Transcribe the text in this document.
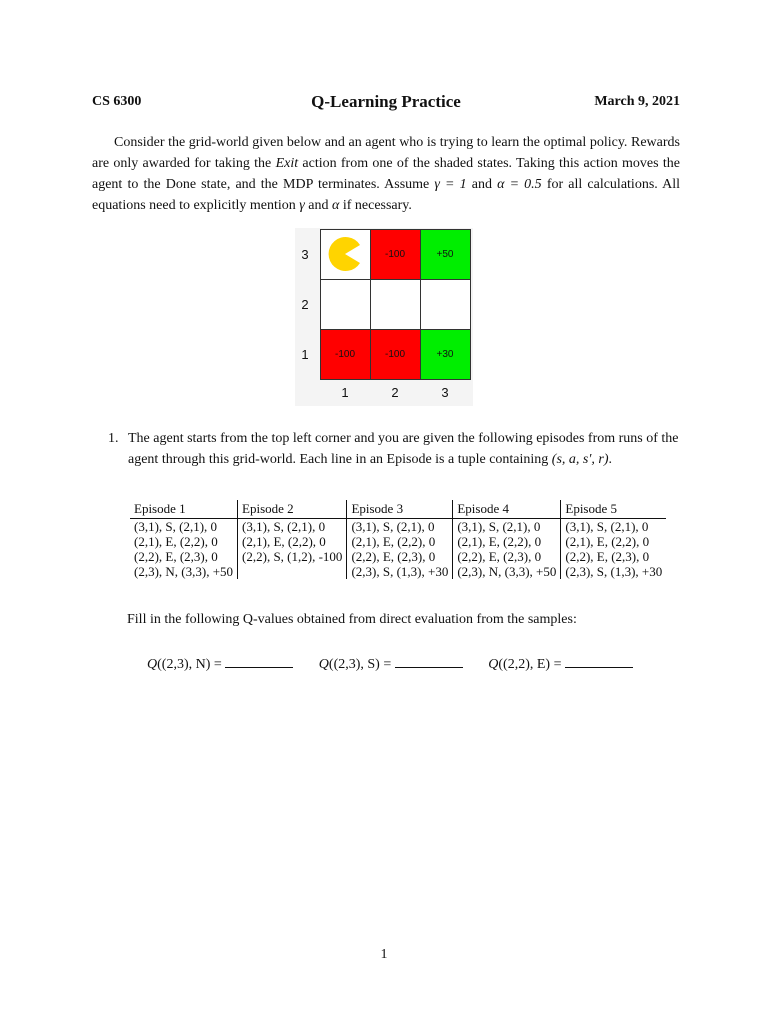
CS 6300	Q-Learning Practice	March 9, 2021

Consider the grid-world given below and an agent who is trying to learn the optimal policy. Rewards are only awarded for taking the Exit action from one of the shaded states. Taking this action moves the agent to the Done state, and the MDP terminates. Assume γ = 1 and α = 0.5 for all calculations. All equations need to explicitly mention γ and α if necessary.

3
2
1
-100	+50
-100	-100	+30
1	2	3
1. The agent starts from the top left corner and you are given the following episodes from runs of the agent through this grid-world. Each line in an Episode is a tuple containing (s, a, s′, r).
Episode 1	Episode 2	Episode 3	Episode 4	Episode 5
(3,1), S, (2,1), 0	(3,1), S, (2,1), 0	(3,1), S, (2,1), 0	(3,1), S, (2,1), 0	(3,1), S, (2,1), 0
(2,1), E, (2,2), 0	(2,1), E, (2,2), 0	(2,1), E, (2,2), 0	(2,1), E, (2,2), 0	(2,1), E, (2,2), 0
(2,2), E, (2,3), 0	(2,2), S, (1,2), -100	(2,2), E, (2,3), 0	(2,2), E, (2,3), 0	(2,2), E, (2,3), 0
(2,3), N, (3,3), +50		(2,3), S, (1,3), +30	(2,3), N, (3,3), +50	(2,3), S, (1,3), +30
Fill in the following Q-values obtained from direct evaluation from the samples:
Q((2,3), N) =	Q((2,3), S) =	Q((2,2), E) =
1
